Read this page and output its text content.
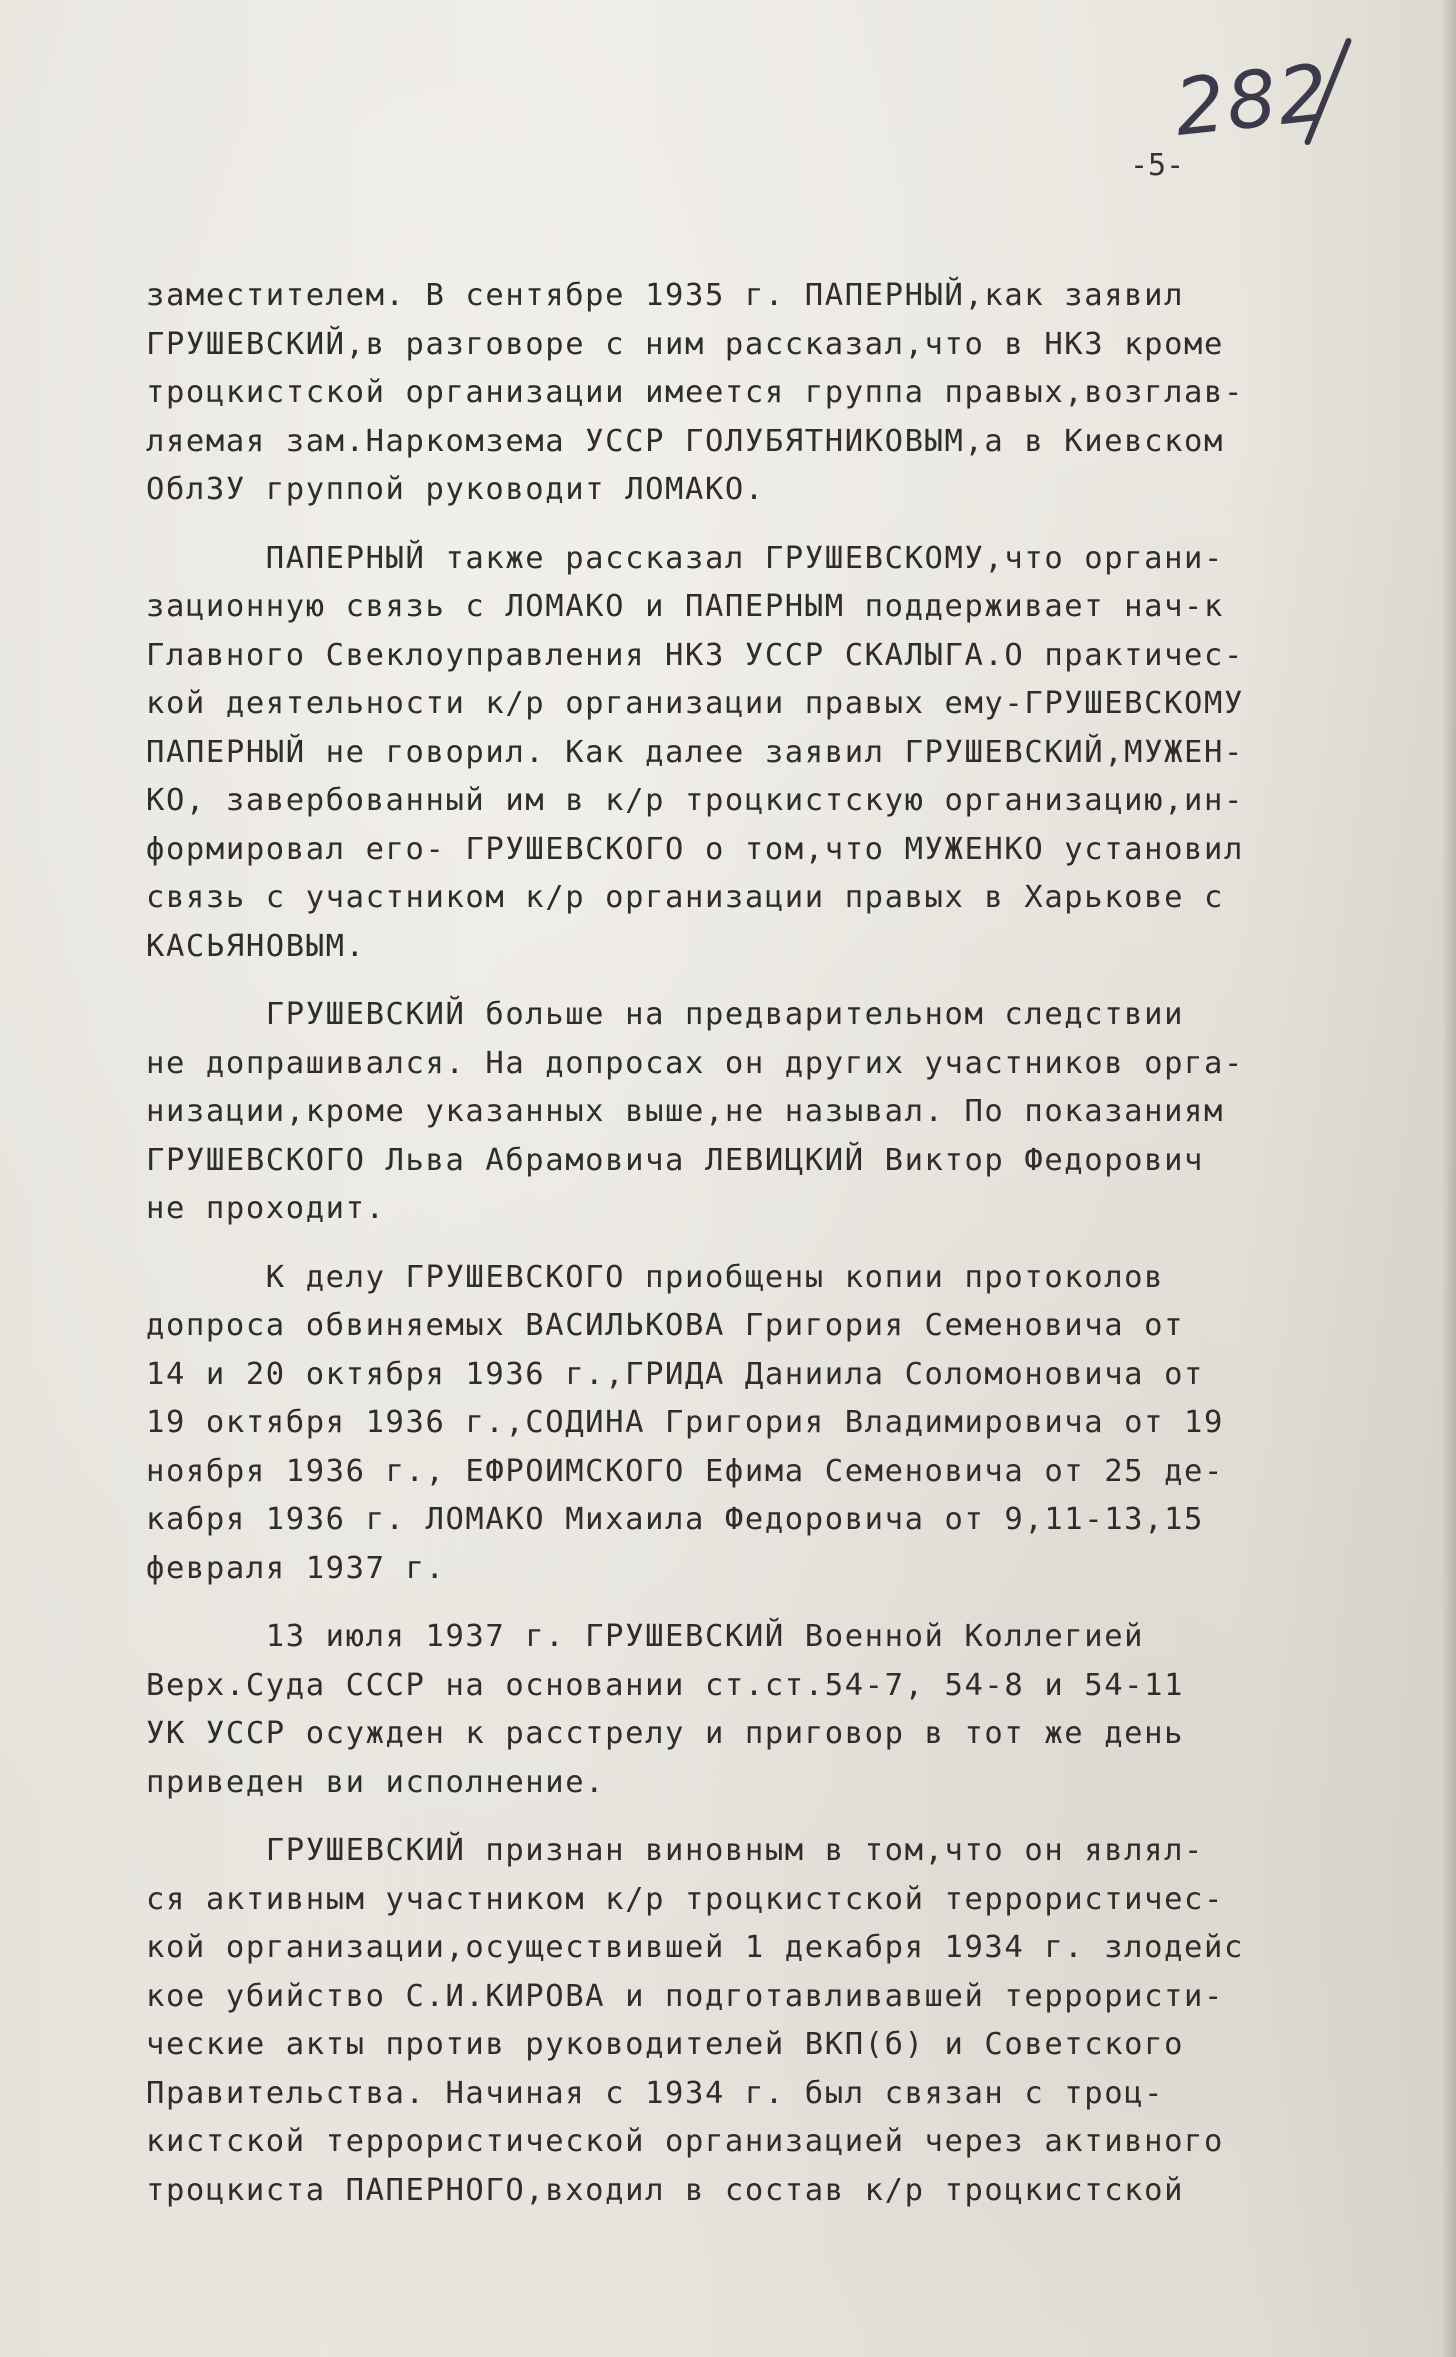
282
-5-
заместителем. В сентябре 1935 г. ПАПЕРНЫЙ,как заявил
ГРУШЕВСКИЙ,в разговоре с ним рассказал,что в НКЗ кроме
троцкистской организации имеется группа правых,возглав-
ляемая зам.Наркомзема УССР ГОЛУБЯТНИКОВЫМ,а в Киевском
ОблЗУ группой руководит ЛОМАКО.
ПАПЕРНЫЙ также рассказал ГРУШЕВСКОМУ,что органи-
зационную связь с ЛОМАКО и ПАПЕРНЫМ поддерживает нач-к
Главного Свеклоуправления НКЗ УССР СКАЛЫГА.О практичес-
кой деятельности к/р организации правых ему-ГРУШЕВСКОМУ
ПАПЕРНЫЙ не говорил. Как далее заявил ГРУШЕВСКИЙ,МУЖЕН-
КО, завербованный им в к/р троцкистскую организацию,ин-
формировал его- ГРУШЕВСКОГО о том,что МУЖЕНКО установил
связь с участником к/р организации правых в Харькове с
КАСЬЯНОВЫМ.
ГРУШЕВСКИЙ больше на предварительном следствии
не допрашивался. На допросах он других участников орга-
низации,кроме указанных выше,не называл. По показаниям
ГРУШЕВСКОГО Льва Абрамовича ЛЕВИЦКИЙ Виктор Федорович
не проходит.
К делу ГРУШЕВСКОГО приобщены копии протоколов
допроса обвиняемых ВАСИЛЬКОВА Григория Семеновича от
14 и 20 октября 1936 г.,ГРИДА Даниила Соломоновича от
19 октября 1936 г.,СОДИНА Григория Владимировича от 19
ноября 1936 г., ЕФРОИМСКОГО Ефима Семеновича от 25 де-
кабря 1936 г. ЛОМАКО Михаила Федоровича от 9,11-13,15
февраля 1937 г.
13 июля 1937 г. ГРУШЕВСКИЙ Военной Коллегией
Верх.Суда СССР на основании ст.ст.54-7, 54-8 и 54-11
УК УССР осужден к расстрелу и приговор в тот же день
приведен ви исполнение.
ГРУШЕВСКИЙ признан виновным в том,что он являл-
ся активным участником к/р троцкистской террористичес-
кой организации,осуществившей 1 декабря 1934 г. злодейс
кое убийство С.И.КИРОВА и подготавливавшей террористи-
ческие акты против руководителей ВКП(б) и Советского
Правительства. Начиная с 1934 г. был связан с троц-
кистской террористической организацией через активного
троцкиста ПАПЕРНОГО,входил в состав к/р троцкистской
